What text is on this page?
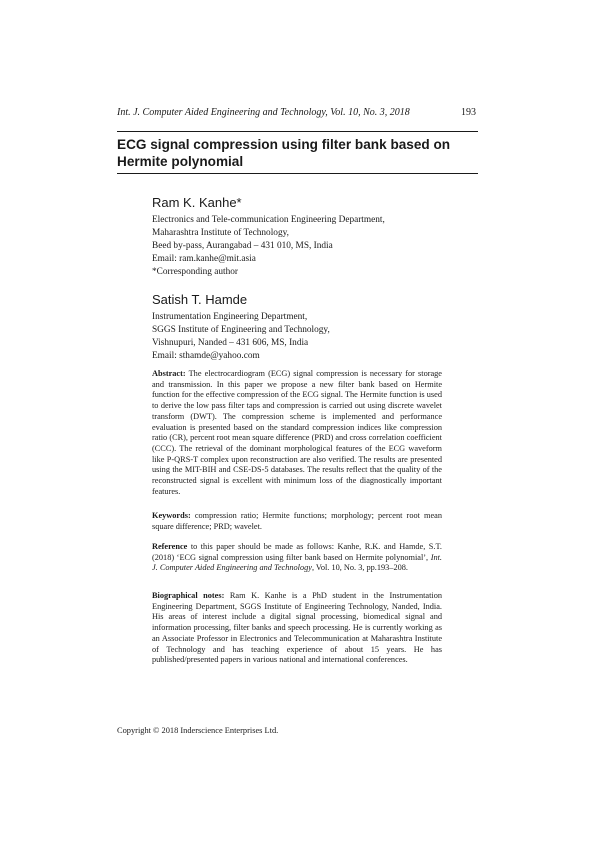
Int. J. Computer Aided Engineering and Technology, Vol. 10, No. 3, 2018	193
ECG signal compression using filter bank based on Hermite polynomial
Ram K. Kanhe*
Electronics and Tele-communication Engineering Department,
Maharashtra Institute of Technology,
Beed by-pass, Aurangabad – 431 010, MS, India
Email: ram.kanhe@mit.asia
*Corresponding author
Satish T. Hamde
Instrumentation Engineering Department,
SGGS Institute of Engineering and Technology,
Vishnupuri, Nanded – 431 606, MS, India
Email: sthamde@yahoo.com
Abstract: The electrocardiogram (ECG) signal compression is necessary for storage and transmission. In this paper we propose a new filter bank based on Hermite function for the effective compression of the ECG signal. The Hermite function is used to derive the low pass filter taps and compression is carried out using discrete wavelet transform (DWT). The compression scheme is implemented and performance evaluation is presented based on the standard compression indices like compression ratio (CR), percent root mean square difference (PRD) and cross correlation coefficient (CCC). The retrieval of the dominant morphological features of the ECG waveform like P-QRS-T complex upon reconstruction are also verified. The results are presented using the MIT-BIH and CSE-DS-5 databases. The results reflect that the quality of the reconstructed signal is excellent with minimum loss of the diagnostically important features.
Keywords: compression ratio; Hermite functions; morphology; percent root mean square difference; PRD; wavelet.
Reference to this paper should be made as follows: Kanhe, R.K. and Hamde, S.T. (2018) ‘ECG signal compression using filter bank based on Hermite polynomial’, Int. J. Computer Aided Engineering and Technology, Vol. 10, No. 3, pp.193–208.
Biographical notes: Ram K. Kanhe is a PhD student in the Instrumentation Engineering Department, SGGS Institute of Engineering Technology, Nanded, India. His areas of interest include a digital signal processing, biomedical signal and information processing, filter banks and speech processing. He is currently working as an Associate Professor in Electronics and Telecommunication at Maharashtra Institute of Technology and has teaching experience of about 15 years. He has published/presented papers in various national and international conferences.
Copyright © 2018 Inderscience Enterprises Ltd.
